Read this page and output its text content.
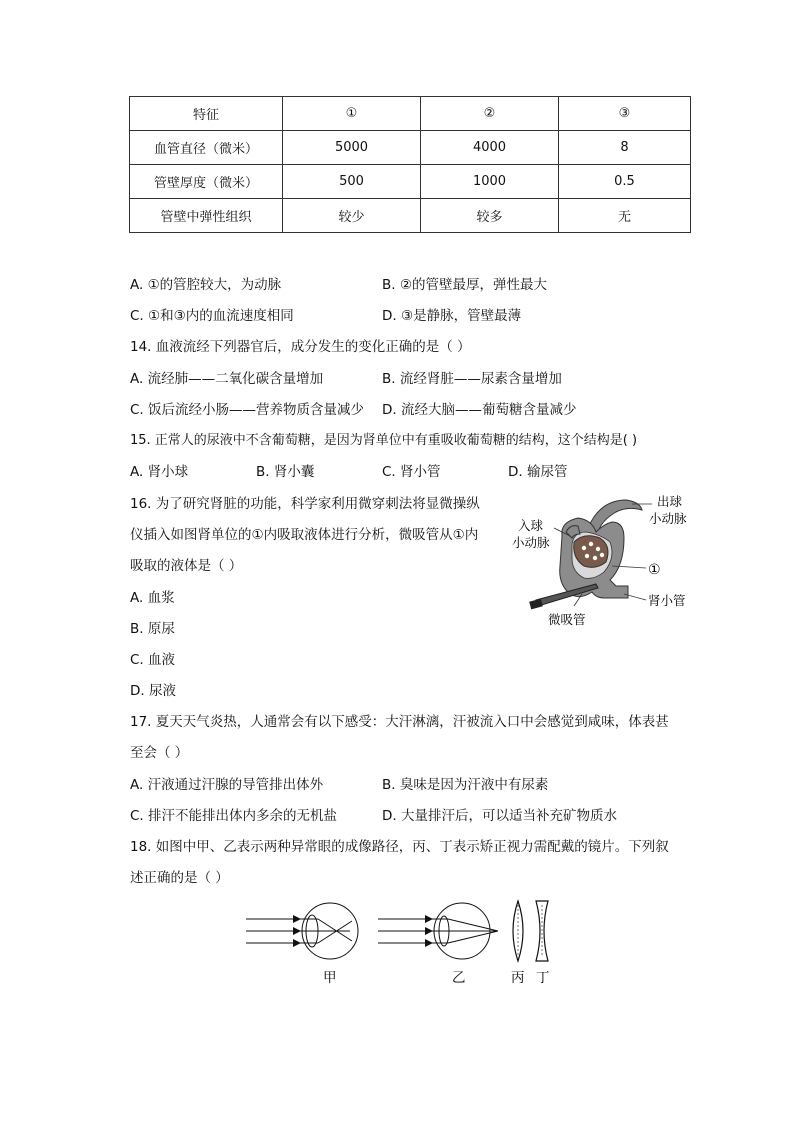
特征	①	②	③
血管直径（微米）	5000	4000	8
管壁厚度（微米）	500	1000	0.5
管壁中弹性组织	较少	较多	无
A. ①的管腔较大，为动脉	B. ②的管壁最厚，弹性最大
C. ①和③内的血流速度相同	D. ③是静脉，管壁最薄
14. 血液流经下列器官后，成分发生的变化正确的是（ ）
A. 流经肺——二氧化碳含量增加	B. 流经肾脏——尿素含量增加
C. 饭后流经小肠——营养物质含量减少 D. 流经大脑——葡萄糖含量减少
15. 正常人的尿液中不含葡萄糖，是因为肾单位中有重吸收葡萄糖的结构，这个结构是( )
A. 肾小球	B. 肾小囊	C. 肾小管	D. 输尿管
16. 为了研究肾脏的功能，科学家利用微穿刺法将显微操纵
仪插入如图肾单位的①内吸取液体进行分析，微吸管从①内
吸取的液体是（ ）
A. 血浆
B. 原尿
C. 血液
D. 尿液
出球
小动脉
入球
小动脉
①
肾小管
微吸管
17. 夏天天气炎热，人通常会有以下感受：大汗淋漓，汗被流入口中会感觉到咸味，体表甚
至会（ ）
A. 汗液通过汗腺的导管排出体外	B. 臭味是因为汗液中有尿素
C. 排汗不能排出体内多余的无机盐	D. 大量排汗后，可以适当补充矿物质水
18. 如图中甲、乙表示两种异常眼的成像路径，丙、丁表示矫正视力需配戴的镜片。下列叙
述正确的是（ ）
甲	乙	丙 丁
